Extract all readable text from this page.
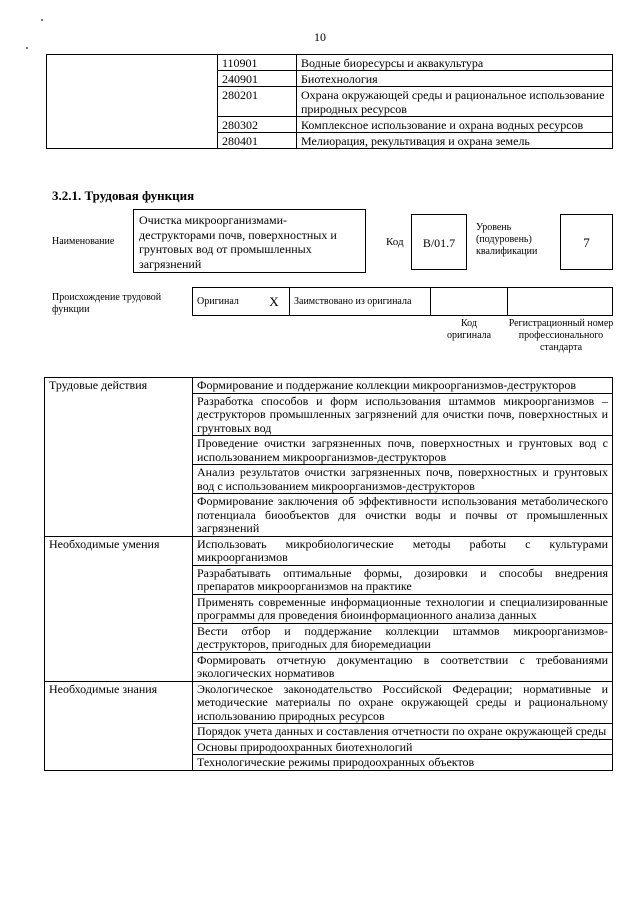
10
	110901	Водные биоресурсы и аквакультура
	240901	Биотехнология
	280201	Охрана окружающей среды и рациональное использование природных ресурсов
	280302	Комплексное использование и охрана водных ресурсов
	280401	Мелиорация, рекультивация и охрана земель
3.2.1. Трудовая функция
Наименование
Очистка микроорганизмами-деструкторами почв, поверхностных и грунтовых вод от промышленных загрязнений
Код	B/01.7
Уровень (подуровень) квалификации
7
Происхождение трудовой функции
Оригинал	X	Заимствовано из оригинала		
Код оригинала
Регистрационный номер профессионального стандарта
Трудовые действия	Формирование и поддержание коллекции микроорганизмов-деструкторов
	Разработка способов и форм использования штаммов микроорганизмов – деструкторов промышленных загрязнений для очистки почв, поверхностных и грунтовых вод
	Проведение очистки загрязненных почв, поверхностных и грунтовых вод с использованием микроорганизмов-деструкторов
	Анализ результатов очистки загрязненных почв, поверхностных и грунтовых вод с использованием микроорганизмов-деструкторов
	Формирование заключения об эффективности использования метаболического потенциала биообъектов для очистки воды и почвы от промышленных загрязнений
Необходимые умения	Использовать микробиологические методы работы с культурами микроорганизмов
	Разрабатывать оптимальные формы, дозировки и способы внедрения препаратов микроорганизмов на практике
	Применять современные информационные технологии и специализированные программы для проведения биоинформационного анализа данных
	Вести отбор и поддержание коллекции штаммов микроорганизмов-деструкторов, пригодных для биоремедиации
	Формировать отчетную документацию в соответствии с требованиями экологических нормативов
Необходимые знания	Экологическое законодательство Российской Федерации; нормативные и методические материалы по охране окружающей среды и рациональному использованию природных ресурсов
	Порядок учета данных и составления отчетности по охране окружающей среды
	Основы природоохранных биотехнологий
	Технологические режимы природоохранных объектов
